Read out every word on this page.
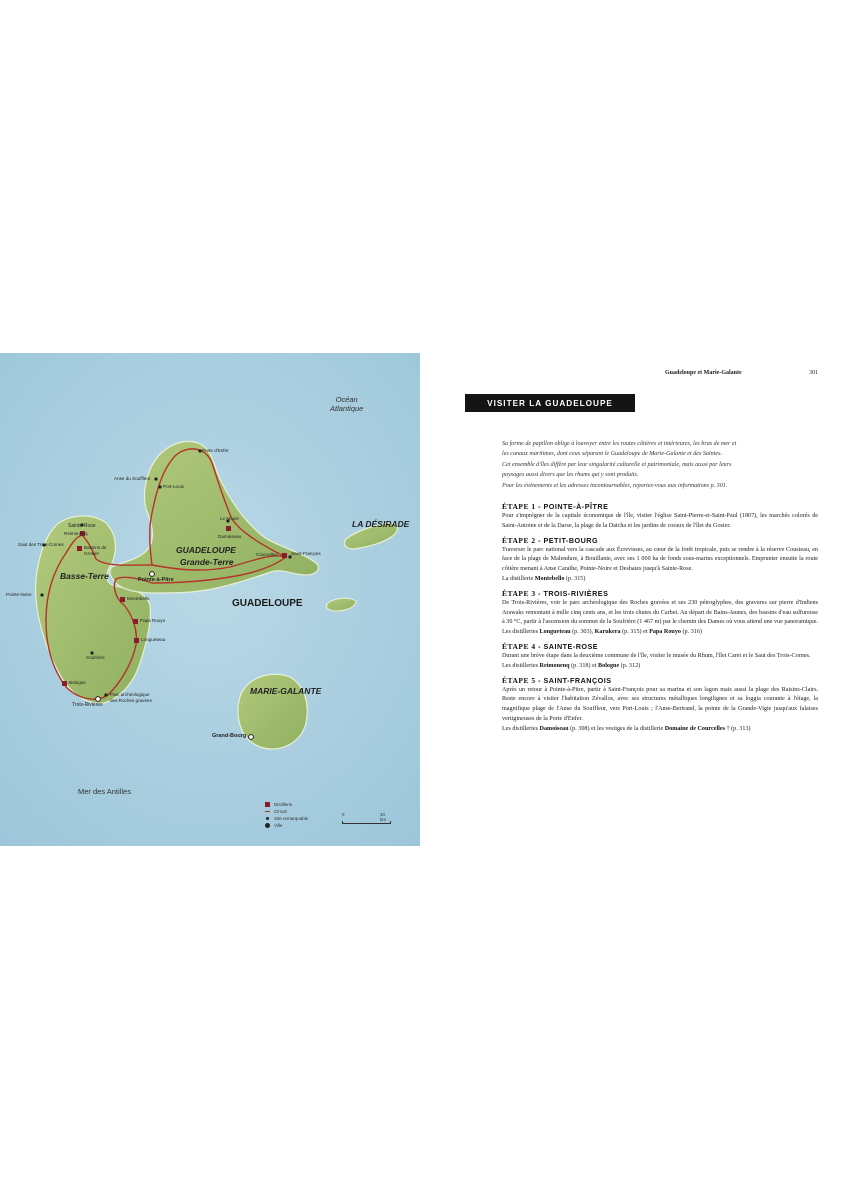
Océan
Atlantique
Mer des Antilles
GUADELOUPE
GUADELOUPE
Basse-Terre
Grande-Terre
LA DÉSIRADE
MARIE-GALANTE
Pointe-à-Pitre
Grand-Bourg
Sainte-Rose
Trois-Rivières
Porte d'Enfer
Anse du Souffleur
Port-Louis
Le Moule
Damoiseau
Saint-François
Courcelles
Reimonenq
Saut des Trois-Cornes
Bassins de Grosier
Pointe-Noire
Montebello
Papa Rouyo
Longueteau
Soufrière
Bologne
Parc archéologique
des Roches gravées
Distillerie
Circuit
Site remarquable
Ville
0	10 km
Guadeloupe et Marie-Galante	301
VISITER LA GUADELOUPE

Sa forme de papillon oblige à louvoyer entre les routes côtières et intérieures, les bras de mer et

les canaux maritimes, dont ceux séparant le Guadeloupe de Marie-Galante et des Saintes.

Cet ensemble d'îles diffère par leur singularité culturelle et patrimoniale, mais aussi par leurs

paysages aussi divers que les rhums qui y sont produits.

Pour les événements et les adresses incontournables, reportez-vous aux informations p. 301.

ÉTAPE 1 - POINTE-À-PÎTRE

Pour s'imprégner de la capitale économique de l'île, visiter l'église Saint-Pierre-et-Saint-Paul (1807), les marchés colorés de Saint-Antoine et de la Darse, la plage de la Datcha et les jardins de coraux de l'îlet du Gosier.

ÉTAPE 2 - PETIT-BOURG

Traverser le parc national vers la cascade aux Écrevisses, au cœur de la forêt tropicale, puis se rendre à la réserve Cousteau, en face de la plage de Malendure, à Bouillante, avec ses 1 000 ha de fonds sous-marins exceptionnels. Emprunter ensuite la route côtière menant à Anse Caraïbe, Pointe-Noire et Deshaies jusqu'à Sainte-Rose.

La distillerie Montebello (p. 315)

ÉTAPE 3 - TROIS-RIVIÈRES

De Trois-Rivières, voir le parc archéologique des Roches gravées et ses 230 pétroglyphes, des gravures sur pierre d'Indiens Arawaks remontant à mille cinq cents ans, et les trois chutes du Carbet. Au départ de Bains-Jaunes, des bassins d'eau sulfureuse à 30 °C, partir à l'ascension du sommet de la Soufrière (1 467 m) par le chemin des Dames où vous attend une vue panoramique.

Les distilleries Longueteau (p. 303), Karukera (p. 315) et Papa Rouyo (p. 316)

ÉTAPE 4 - SAINTE-ROSE

Durant une brève étape dans la deuxième commune de l'île, visiter le musée du Rhum, l'îlet Caret et le Saut des Trois-Cornes.

Les distilleries Reimonenq (p. 318) et Bologne (p. 312)

ÉTAPE 5 - SAINT-FRANÇOIS

Après un retour à Pointe-à-Pitre, partir à Saint-François pour sa marina et son lagon mais aussi la plage des Raisins-Clairs. Reste encore à visiter l'habitation Zévallos, avec ses structures métalliques longilignes et sa loggia courante à l'étage, la magnifique plage de l'Anse du Souffleur, vers Port-Louis ; l'Anse-Bertrand, la pointe de la Grande-Vigie jusqu'aux falaises vertigineuses de la Porte d'Enfer.

Les distilleries Damoiseau (p. 308) et les vestiges de la distillerie Domaine de Courcelles † (p. 313)
